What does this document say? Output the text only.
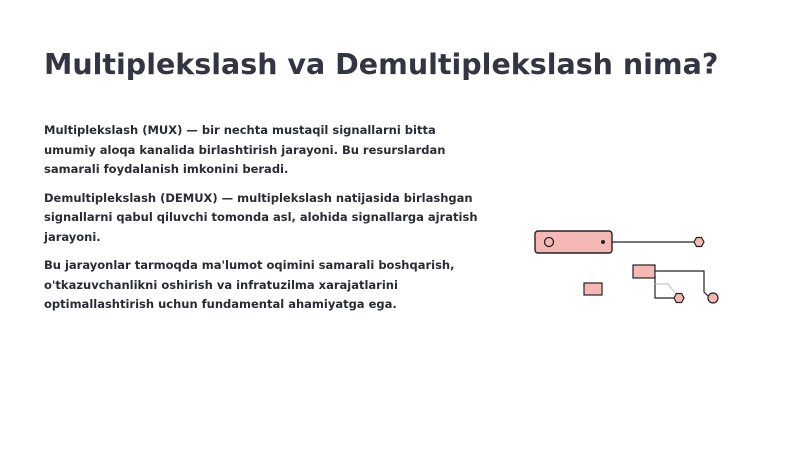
Multiplekslash va Demultiplekslash nima?

Multiplekslash (MUX) — bir nechta mustaqil signallarni bitta
umumiy aloqa kanalida birlashtirish jarayoni. Bu resurslardan
samarali foydalanish imkonini beradi.

Demultiplekslash (DEMUX) — multiplekslash natijasida birlashgan
signallarni qabul qiluvchi tomonda asl, alohida signallarga ajratish
jarayoni.

Bu jarayonlar tarmoqda ma'lumot oqimini samarali boshqarish,
o'tkazuvchanlikni oshirish va infratuzilma xarajatlarini
optimallashtirish uchun fundamental ahamiyatga ega.
